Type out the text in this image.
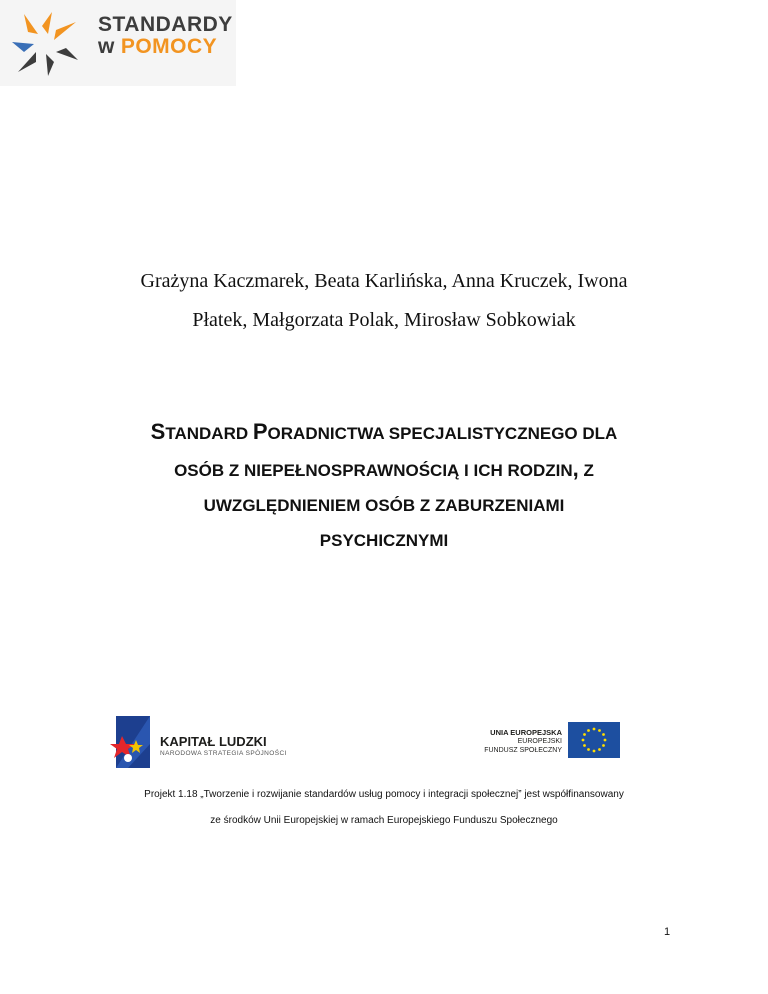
STANDARDY
w POMOCY
Grażyna Kaczmarek, Beata Karlińska, Anna Kruczek, Iwona
Płatek, Małgorzata Polak, Mirosław Sobkowiak
STANDARD PORADNICTWA SPECJALISTYCZNEGO DLA
OSÓB Z NIEPEŁNOSPRAWNOŚCIĄ I ICH RODZIN, Z
UWZGLĘDNIENIEM OSÓB Z ZABURZENIAMI
PSYCHICZNYMI
KAPITAŁ LUDZKI
NARODOWA STRATEGIA SPÓJNOŚCI
UNIA EUROPEJSKA
EUROPEJSKI
FUNDUSZ SPOŁECZNY
Projekt 1.18 „Tworzenie i rozwijanie standardów usług pomocy i integracji społecznej” jest współfinansowany
ze środków Unii Europejskiej w ramach Europejskiego Funduszu Społecznego
1
